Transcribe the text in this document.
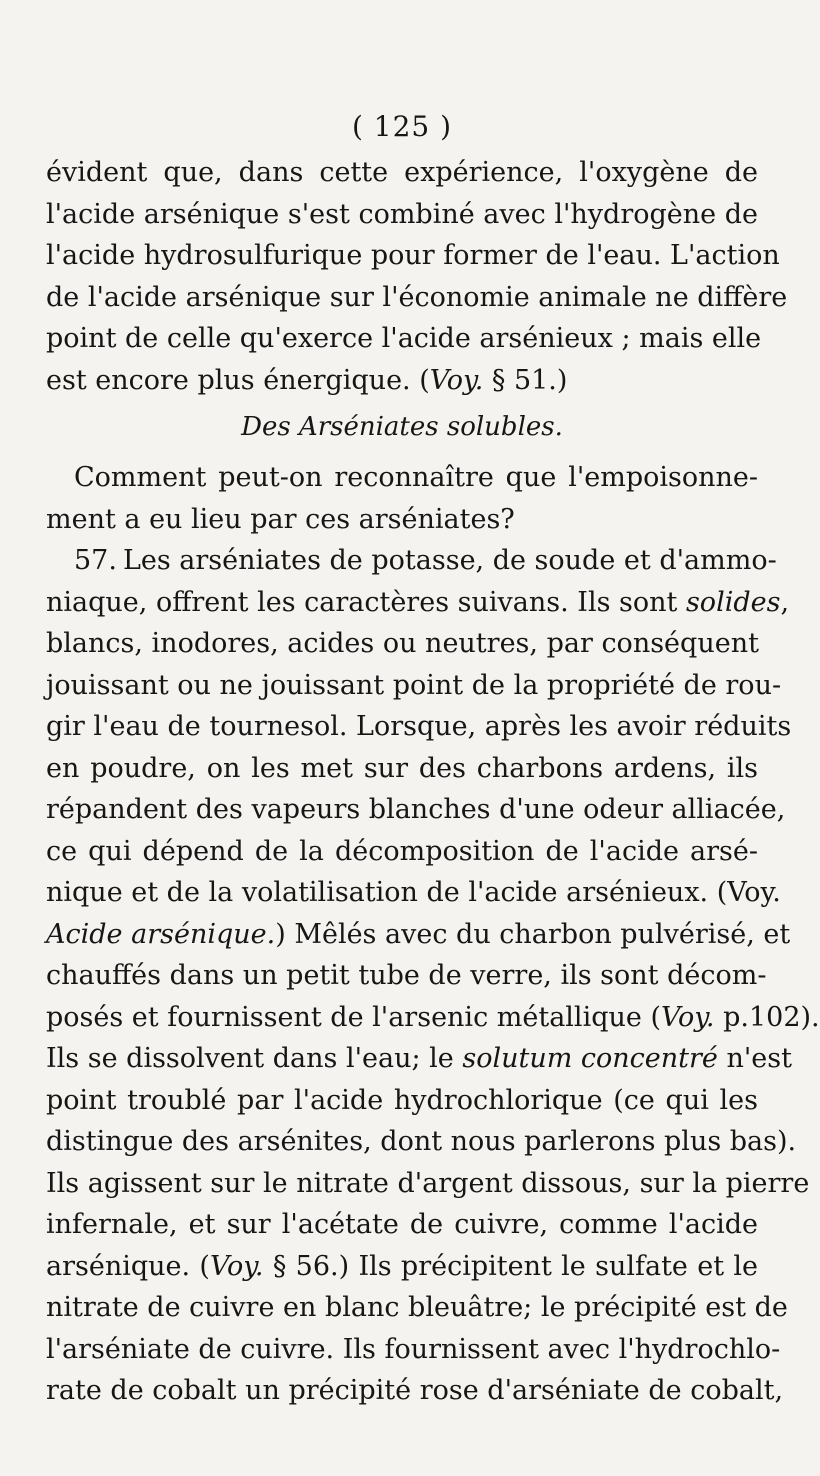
( 125 )
évident que, dans cette expérience, l'oxygène de
l'acide arsénique s'est combiné avec l'hydrogène de
l'acide hydrosulfurique pour former de l'eau. L'action
de l'acide arsénique sur l'économie animale ne diffère
point de celle qu'exerce l'acide arsénieux ; mais elle
est encore plus énergique. (Voy. § 51.)
Des Arséniates solubles.
Comment peut-on reconnaître que l'empoisonne-
ment a eu lieu par ces arséniates?
57. Les arséniates de potasse, de soude et d'ammo-
niaque, offrent les caractères suivans. Ils sont solides,
blancs, inodores, acides ou neutres, par conséquent
jouissant ou ne jouissant point de la propriété de rou-
gir l'eau de tournesol. Lorsque, après les avoir réduits
en poudre, on les met sur des charbons ardens, ils
répandent des vapeurs blanches d'une odeur alliacée,
ce qui dépend de la décomposition de l'acide arsé-
nique et de la volatilisation de l'acide arsénieux. (Voy.
Acide arsénique.) Mêlés avec du charbon pulvérisé, et
chauffés dans un petit tube de verre, ils sont décom-
posés et fournissent de l'arsenic métallique (Voy. p.102).
Ils se dissolvent dans l'eau; le solutum concentré n'est
point troublé par l'acide hydrochlorique (ce qui les
distingue des arsénites, dont nous parlerons plus bas).
Ils agissent sur le nitrate d'argent dissous, sur la pierre
infernale, et sur l'acétate de cuivre, comme l'acide
arsénique. (Voy. § 56.) Ils précipitent le sulfate et le
nitrate de cuivre en blanc bleuâtre; le précipité est de
l'arséniate de cuivre. Ils fournissent avec l'hydrochlo-
rate de cobalt un précipité rose d'arséniate de cobalt,
